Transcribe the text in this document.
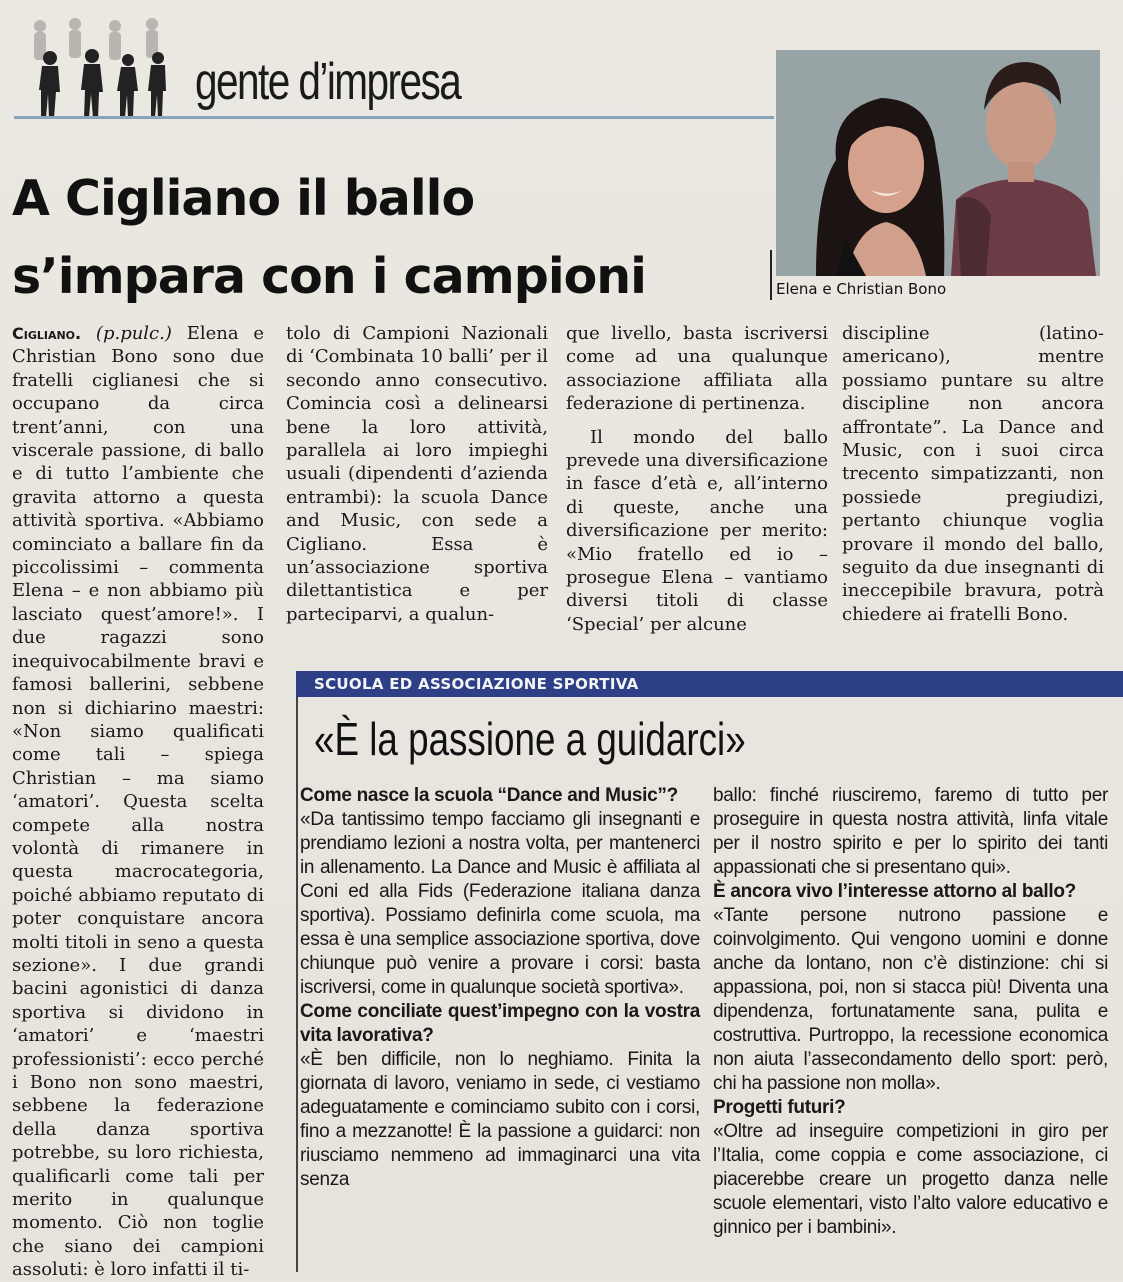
gente d’impresa
A Cigliano il ballo
s’impara con i campioni	Elena e Christian Bono

Cigliano. (p.pulc.) Elena e Christian Bono sono due fratelli ciglianesi che si occupano da circa trent’anni, con una viscerale passione, di ballo e di tutto l’ambiente che gravita attorno a questa attività sportiva. «Abbiamo cominciato a ballare fin da piccolissimi – commenta Elena – e non abbiamo più lasciato quest’amore!». I due ragazzi sono inequivocabilmente bravi e famosi ballerini, sebbene non si dichiarino maestri: «Non siamo qualificati come tali – spiega Christian – ma siamo ‘amatori’. Questa scelta compete alla nostra volontà di rimanere in questa macrocategoria, poiché abbiamo reputato di poter conquistare ancora molti titoli in seno a questa sezione». I due grandi bacini agonistici di danza sportiva si dividono in ‘amatori’ e ‘maestri professionisti’: ecco perché i Bono non sono maestri, sebbene la federazione della danza sportiva potrebbe, su loro richiesta, qualificarli come tali per merito in qualunque momento. Ciò non toglie che siano dei campioni assoluti: è loro infatti il ti-

tolo di Campioni Nazionali di ‘Combinata 10 balli’ per il secondo anno consecutivo. Comincia così a delinearsi bene la loro attività, parallela ai loro impieghi usuali (dipendenti d’azienda entrambi): la scuola Dance and Music, con sede a Cigliano. Essa è un’associazione sportiva dilettantistica e per parteciparvi, a qualun-

que livello, basta iscriversi come ad una qualunque associazione affiliata alla federazione di pertinenza.

Il mondo del ballo prevede una diversificazione in fasce d’età e, all’interno di queste, anche una diversificazione per merito: «Mio fratello ed io – prosegue Elena – vantiamo diversi titoli di classe ‘Special’ per alcune

discipline (latino-americano), mentre possiamo puntare su altre discipline non ancora affrontate”. La Dance and Music, con i suoi circa trecento simpatizzanti, non possiede pregiudizi, pertanto chiunque voglia provare il mondo del ballo, seguito da due insegnanti di ineccepibile bravura, potrà chiedere ai fratelli Bono.

SCUOLA ED ASSOCIAZIONE SPORTIVA
«È la passione a guidarci»

Come nasce la scuola “Dance and Music”?

«Da tantissimo tempo facciamo gli insegnanti e prendiamo lezioni a nostra volta, per mantenerci in allenamento. La Dance and Music è affiliata al Coni ed alla Fids (Federazione italiana danza sportiva). Possiamo definirla come scuola, ma essa è una semplice associazione sportiva, dove chiunque può venire a provare i corsi: basta iscriversi, come in qualunque società sportiva».

Come conciliate quest’impegno con la vostra vita lavorativa?

«È ben difficile, non lo neghiamo. Finita la giornata di lavoro, veniamo in sede, ci vestiamo adeguatamente e cominciamo subito con i corsi, fino a mezzanotte! È la passione a guidarci: non riusciamo nemmeno ad immaginarci una vita senza

ballo: finché riusciremo, faremo di tutto per proseguire in questa nostra attività, linfa vitale per il nostro spirito e per lo spirito dei tanti appassionati che si presentano qui».

È ancora vivo l’interesse attorno al ballo?

«Tante persone nutrono passione e coinvolgimento. Qui vengono uomini e donne anche da lontano, non c’è distinzione: chi si appassiona, poi, non si stacca più! Diventa una dipendenza, fortunatamente sana, pulita e costruttiva. Purtroppo, la recessione economica non aiuta l’assecondamento dello sport: però, chi ha passione non molla».

Progetti futuri?

«Oltre ad inseguire competizioni in giro per l’Italia, come coppia e come associazione, ci piacerebbe creare un progetto danza nelle scuole elementari, visto l’alto valore educativo e ginnico per i bambini».
